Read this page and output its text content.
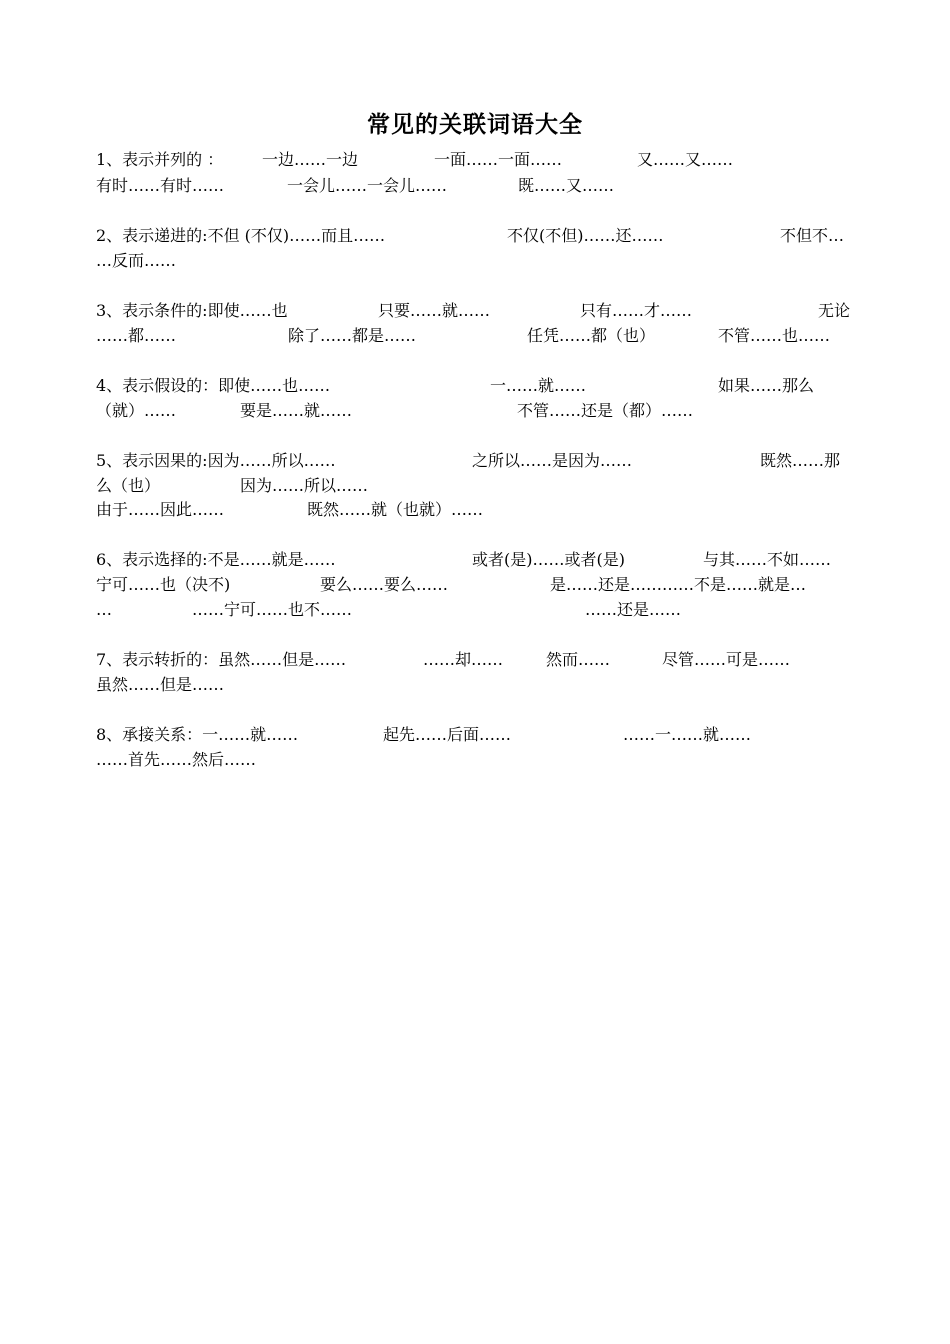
常见的关联词语大全
1、表示并列的 ： 一边……一边	一面……一面……	又……又……
有时……有时……	一会儿……一会儿……	既……又……
2、表示递进的:不但 (不仅)……而且……	不仅(不但)……还……	不但不…
…反而……
3、表示条件的:即使……也	只要……就……	只有……才……	无论
……都……	除了……都是……	任凭……都（也）	不管……也……
4、表示假设的：即使……也……	一……就……	如果……那么
（就）……	要是……就……	不管……还是（都）……
5、表示因果的:因为……所以……	之所以……是因为……	既然……那
么（也）	因为……所以……
由于……因此……	既然……就（也就）……
6、表示选择的:不是……就是……	或者(是)……或者(是)	与其……不如……
宁可……也（决不)	要么……要么……	是……还是…………不是……就是…
…	……宁可……也不……	……还是……
7、表示转折的：虽然……但是……	……却……	然而……	尽管……可是……
虽然……但是……
8、承接关系：一……就……	起先……后面……	……一……就……
……首先……然后……
